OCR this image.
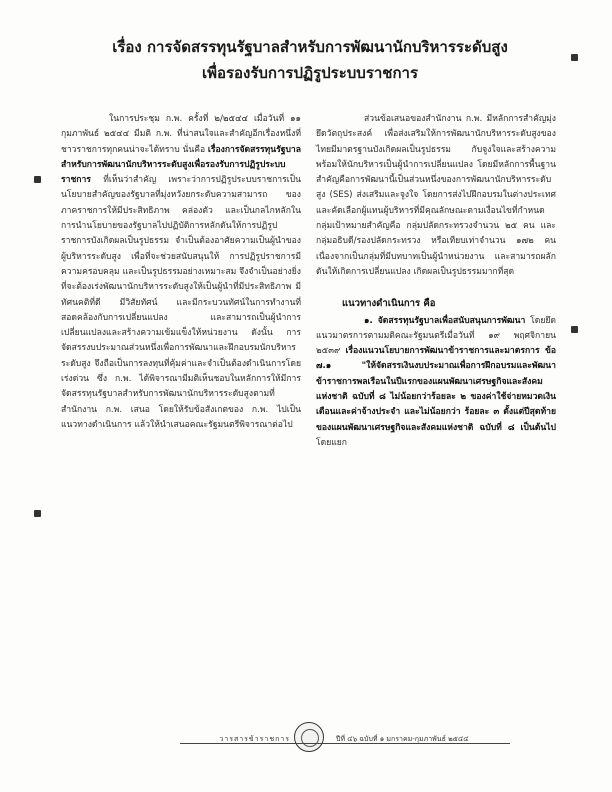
เรื่อง การจัดสรรทุนรัฐบาลสำหรับการพัฒนานักบริหารระดับสูง
เพื่อรองรับการปฏิรูประบบราชการ

ในการประชุม ก.พ. ครั้งที่ ๒/๒๕๔๔ เมื่อวันที่ ๑๑ กุมภาพันธ์ ๒๕๔๔ มีมติ ก.พ. ที่น่าสนใจและสำคัญอีกเรื่องหนึ่งที่ชาวราชการทุกคนน่าจะได้ทราบ นั่นคือ เรื่องการจัดสรรทุนรัฐบาลสำหรับการพัฒนานักบริหารระดับสูงเพื่อรองรับการปฏิรูประบบราชการ ที่เห็นว่าสำคัญ เพราะว่าการปฏิรูประบบราชการเป็นนโยบายสำคัญของรัฐบาลที่มุ่งหวังยกระดับความสามารถ ของภาคราชการให้มีประสิทธิภาพ คล่องตัว และเป็นกลไกหลักในการนำนโยบายของรัฐบาลไปปฏิบัติการหลักดันให้การปฏิรูปราชการบังเกิดผลเป็นรูปธรรม จำเป็นต้องอาศัยความเป็นผู้นำของผู้บริหารระดับสูง เพื่อที่จะช่วยสนับสนุนให้ การปฏิรูปราชการมีความครอบคลุม และเป็นรูปธรรมอย่างเหมาะสม จึงจำเป็นอย่างยิ่งที่จะต้องเร่งพัฒนานักบริหารระดับสูงให้เป็นผู้นำที่มีประสิทธิภาพ มีทัศนคติที่ดี มีวิสัยทัศน์ และมีกระบวนทัศน์ในการทำงานที่สอดคล้องกับการเปลี่ยนแปลง และสามารถเป็นผู้นำการเปลี่ยนแปลงและสร้างความเข้มแข็งให้หน่วยงาน ดังนั้น การจัดสรรงบประมาณส่วนหนึ่งเพื่อการพัฒนาและฝึกอบรมนักบริหารระดับสูง จึงถือเป็นการลงทุนที่คุ้มค่าและจำเป็นต้องดำเนินการโดยเร่งด่วน ซึ่ง ก.พ. ได้พิจารณามีมติเห็นชอบในหลักการให้มีการจัดสรรทุนรัฐบาลสำหรับการพัฒนานักบริหารระดับสูงตามที่สำนักงาน ก.พ. เสนอ โดยให้รับข้อสังเกตของ ก.พ. ไปเป็นแนวทางดำเนินการ แล้วให้นำเสนอคณะรัฐมนตรีพิจารณาต่อไป

ส่วนข้อเสนอของสำนักงาน ก.พ. มีหลักการสำคัญมุ่งยึดวัตถุประสงค์ เพื่อส่งเสริมให้การพัฒนานักบริหารระดับสูงของไทยมีมาตรฐานบังเกิดผลเป็นรูปธรรม กับจูงใจและสร้างความพร้อมให้นักบริหารเป็นผู้นำการเปลี่ยนแปลง โดยมีหลักการพื้นฐานสำคัญคือการพัฒนานี้เป็นส่วนหนึ่งของการพัฒนานักบริหารระดับสูง (SES) ส่งเสริมและจูงใจ โดยการส่งไปฝึกอบรมในต่างประเทศ และคัดเลือกผู้แทนผู้บริหารที่มีคุณลักษณะตามเงื่อนไขที่กำหนด กลุ่มเป้าหมายสำคัญคือ กลุ่มปลัดกระทรวงจำนวน ๒๕ คน และกลุ่มอธิบดี/รองปลัดกระทรวง หรือเทียบเท่าจำนวน ๑๗๒ คน เนื่องจากเป็นกลุ่มที่มีบทบาทเป็นผู้นำหน่วยงาน และสามารถผลักดันให้เกิดการเปลี่ยนแปลง เกิดผลเป็นรูปธรรมมากที่สุด

แนวทางดำเนินการ คือ

๑. จัดสรรทุนรัฐบาลเพื่อสนับสนุนการพัฒนา โดยยึดแนวมาตรการตามมติคณะรัฐมนตรีเมื่อวันที่ ๑๙ พฤศจิกายน ๒๕๓๙ เรื่องแนวนโยบายการพัฒนาข้าราชการและมาตรการ ข้อ ๗.๑ "ให้จัดสรรเงินงบประมาณเพื่อการฝึกอบรมและพัฒนาข้าราชการพลเรือนในปีแรกของแผนพัฒนาเศรษฐกิจและสังคมแห่งชาติ ฉบับที่ ๘ ไม่น้อยกว่าร้อยละ ๒ ของค่าใช้จ่ายหมวดเงินเดือนและค่าจ้างประจำ และไม่น้อยกว่า ร้อยละ ๓ ตั้งแต่ปีสุดท้ายของแผนพัฒนาเศรษฐกิจและสังคมแห่งชาติ ฉบับที่ ๘ เป็นต้นไป โดยแยก

วารสารข้าราชการ	ปีที่ ๔๖ ฉบับที่ ๑ มกราคม-กุมภาพันธ์ ๒๕๔๔
